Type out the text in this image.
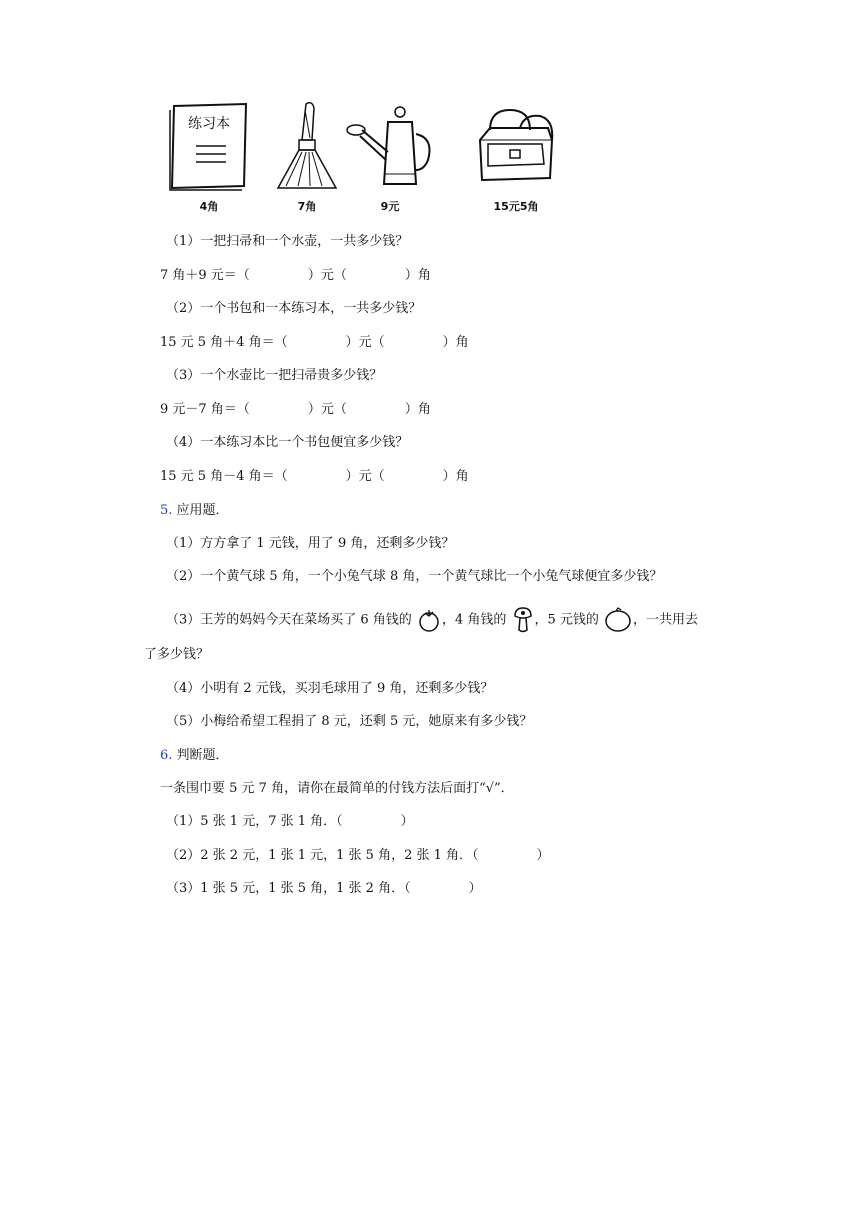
练习本
4角	7角	9元	15元5角
（1）一把扫帚和一个水壶，一共多少钱？
7 角＋9 元＝（	）元（	）角
（2）一个书包和一本练习本，一共多少钱？
15 元 5 角＋4 角＝（	）元（	）角
（3）一个水壶比一把扫帚贵多少钱？
9 元－7 角＝（	）元（	）角
（4）一本练习本比一个书包便宜多少钱？
15 元 5 角－4 角＝（	）元（	）角
5. 应用题．
（1）方方拿了 1 元钱，用了 9 角，还剩多少钱？
（2）一个黄气球 5 角，一个小兔气球 8 角，一个黄气球比一个小兔气球便宜多少钱？
（3）王芳的妈妈今天在菜场买了 6 角钱的 ，4 角钱的 ，5 元钱的	，一共用去
了多少钱？
（4）小明有 2 元钱，买羽毛球用了 9 角，还剩多少钱？
（5）小梅给希望工程捐了 8 元，还剩 5 元，她原来有多少钱？
6. 判断题．
一条围巾要 5 元 7 角，请你在最简单的付钱方法后面打“√”．
（1）5 张 1 元，7 张 1 角．（	）
（2）2 张 2 元，1 张 1 元，1 张 5 角，2 张 1 角．（	）
（3）1 张 5 元，1 张 5 角，1 张 2 角．（	）
